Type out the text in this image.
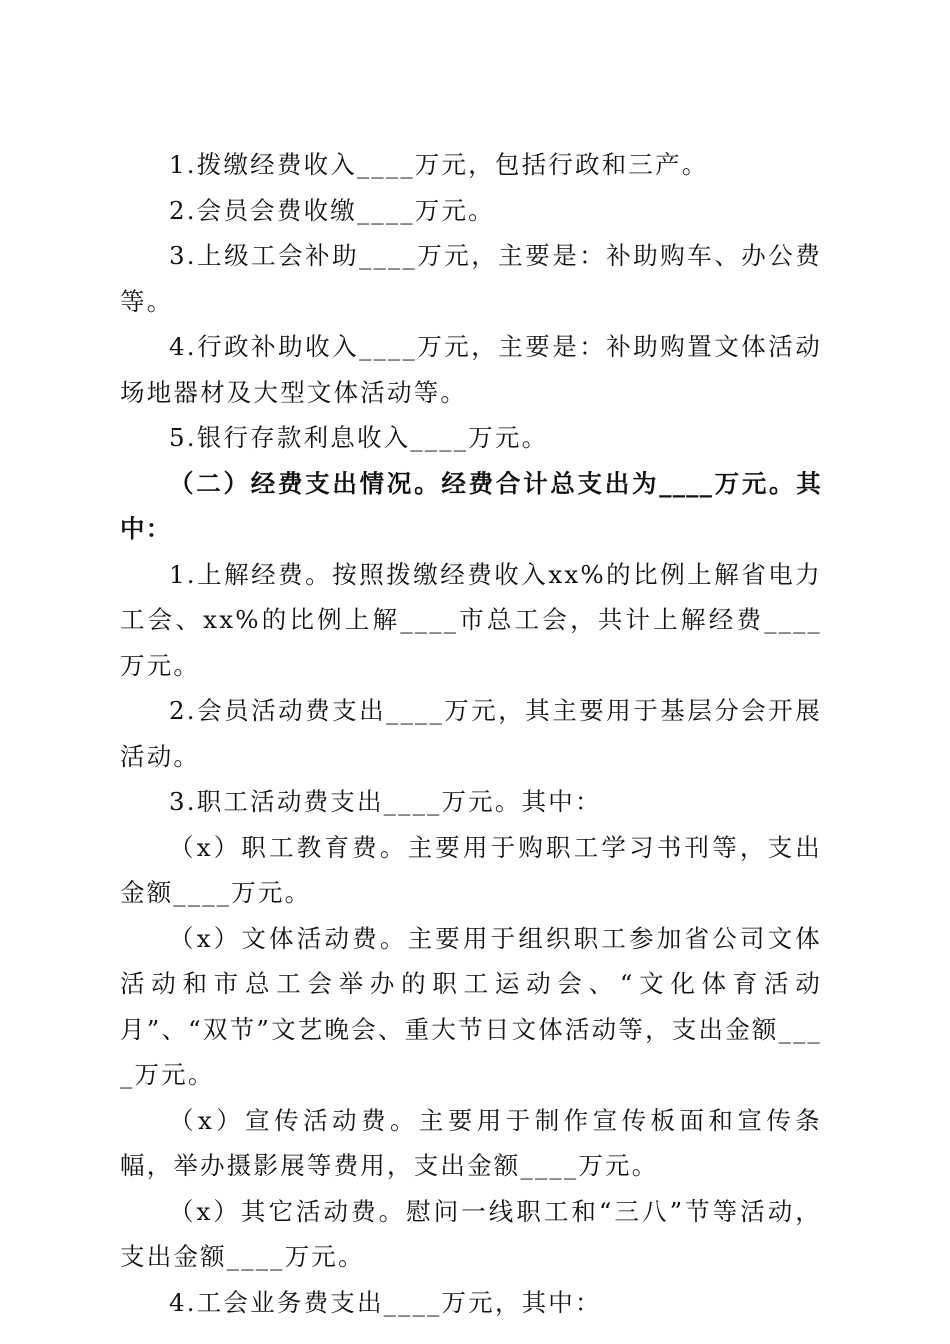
1.拨缴经费收入____万元，包括行政和三产。

2.会员会费收缴____万元。

3.上级工会补助____万元，主要是：补助购车、办公费等。

4.行政补助收入____万元，主要是：补助购置文体活动场地器材及大型文体活动等。

5.银行存款利息收入____万元。

（二）经费支出情况。经费合计总支出为____万元。其中：

1.上解经费。按照拨缴经费收入xx%的比例上解省电力工会、xx%的比例上解____市总工会，共计上解经费____万元。

2.会员活动费支出____万元，其主要用于基层分会开展活动。

3.职工活动费支出____万元。其中：

（x）职工教育费。主要用于购职工学习书刊等，支出金额____万元。

（x）文体活动费。主要用于组织职工参加省公司文体活动和市总工会举办的职工运动会、“文化体育活动月”、“双节”文艺晚会、重大节日文体活动等，支出金额____万元。

（x）宣传活动费。主要用于制作宣传板面和宣传条幅，举办摄影展等费用，支出金额____万元。

（x）其它活动费。慰问一线职工和“三八”节等活动，支出金额____万元。

4.工会业务费支出____万元，其中：
